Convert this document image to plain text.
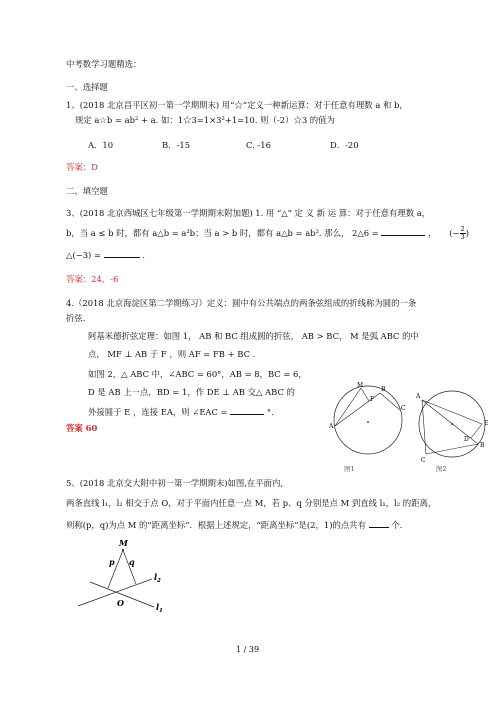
中考数学习题精选：
一、选择题
1、(2018 北京昌平区初一第一学期期末) 用“☆”定义一种新运算：对于任意有理数 a 和 b，
规定 a☆b = ab² + a. 如：1☆3=1×3²+1=10. 则（-2）☆3 的值为
A．10	B．-15	C. -16	D．-20
答案：D
二、填空题
3、(2018 北京西城区七年级第一学期期末附加题) 1. 用 “△” 定 义 新 运 算：对于任意有理数 a，
b，当 a ≤ b 时，都有 a△b = a²b；当 a > b 时，都有 a△b = ab². 那么， 2△6 =	， (− $\frac{2}{3}$ )
△(−3) =	．
答案：24，-6
4.（2018 北京海淀区第二学期练习）定义：圆中有公共端点的两条弦组成的折线称为圆的一条
折弦.
阿基米德折弦定理：如图 1， AB 和 BC 组成圆的折弦， AB > BC， M 是弧 ABC 的中
点， MF ⊥ AB 于 F ，则 AF = FB + BC .
如图 2，△ ABC 中，∠ABC = 60°，AB = 8，BC = 6，
D 是 AB 上一点，BD = 1，作 DE ⊥ AB 交△ ABC 的
外接圆于 E ，连接 EA，则 ∠EAC =	°．
答案 60
M
B
F
C
A
图1
A
E
D
B
C
图2
5、(2018 北京交大附中初一第一学期期末)如图,在平面内,
两条直线 l₁，l₂ 相交于点 O，对于平面内任意一点 M，若 p、q 分别是点 M 到直线 l₁，l₂ 的距离，
则称(p，q)为点 M 的“距离坐标”．根据上述规定，“距离坐标”是(2，1)的点共有	个．
M
p q
$l_2$
O	$l_1$
1 / 39
